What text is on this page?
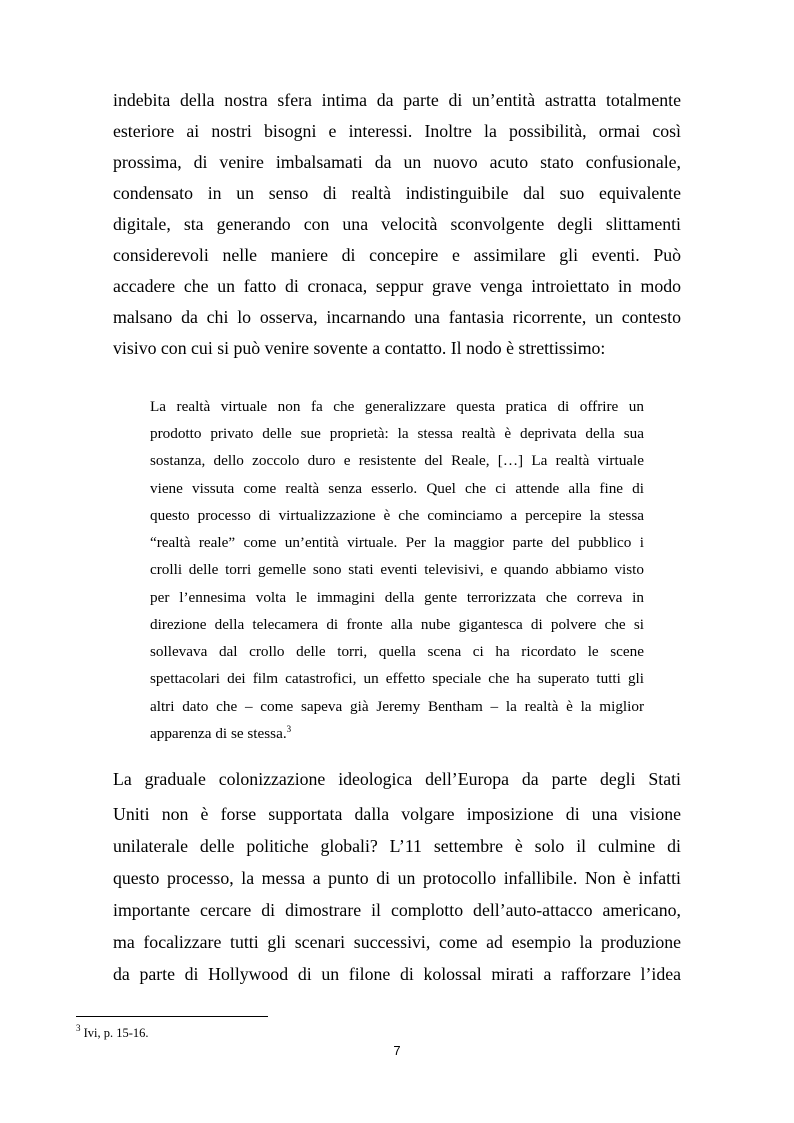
indebita della nostra sfera intima da parte di un’entità astratta totalmente
esteriore ai nostri bisogni e interessi. Inoltre la possibilità, ormai così
prossima, di venire imbalsamati da un nuovo acuto stato confusionale,
condensato in un senso di realtà indistinguibile dal suo equivalente
digitale, sta generando con una velocità sconvolgente degli slittamenti
considerevoli nelle maniere di concepire e assimilare gli eventi. Può
accadere che un fatto di cronaca, seppur grave venga introiettato in modo
malsano da chi lo osserva, incarnando una fantasia ricorrente, un contesto
visivo con cui si può venire sovente a contatto. Il nodo è strettissimo:
La realtà virtuale non fa che generalizzare questa pratica di offrire un
prodotto privato delle sue proprietà: la stessa realtà è deprivata della sua
sostanza, dello zoccolo duro e resistente del Reale, […] La realtà virtuale
viene vissuta come realtà senza esserlo. Quel che ci attende alla fine di
questo processo di virtualizzazione è che cominciamo a percepire la stessa
“realtà reale” come un’entità virtuale. Per la maggior parte del pubblico i
crolli delle torri gemelle sono stati eventi televisivi, e quando abbiamo visto
per l’ennesima volta le immagini della gente terrorizzata che correva in
direzione della telecamera di fronte alla nube gigantesca di polvere che si
sollevava dal crollo delle torri, quella scena ci ha ricordato le scene
spettacolari dei film catastrofici, un effetto speciale che ha superato tutti gli
altri dato che – come sapeva già Jeremy Bentham – la realtà è la miglior
apparenza di se stessa.$^3$
La graduale colonizzazione ideologica dell’Europa da parte degli Stati
Uniti non è forse supportata dalla volgare imposizione di una visione
unilaterale delle politiche globali? L’11 settembre è solo il culmine di
questo processo, la messa a punto di un protocollo infallibile. Non è infatti
importante cercare di dimostrare il complotto dell’auto-attacco americano,
ma focalizzare tutti gli scenari successivi, come ad esempio la produzione
da parte di Hollywood di un filone di kolossal mirati a rafforzare l’idea
$^3$ Ivi, p. 15-16.
7
